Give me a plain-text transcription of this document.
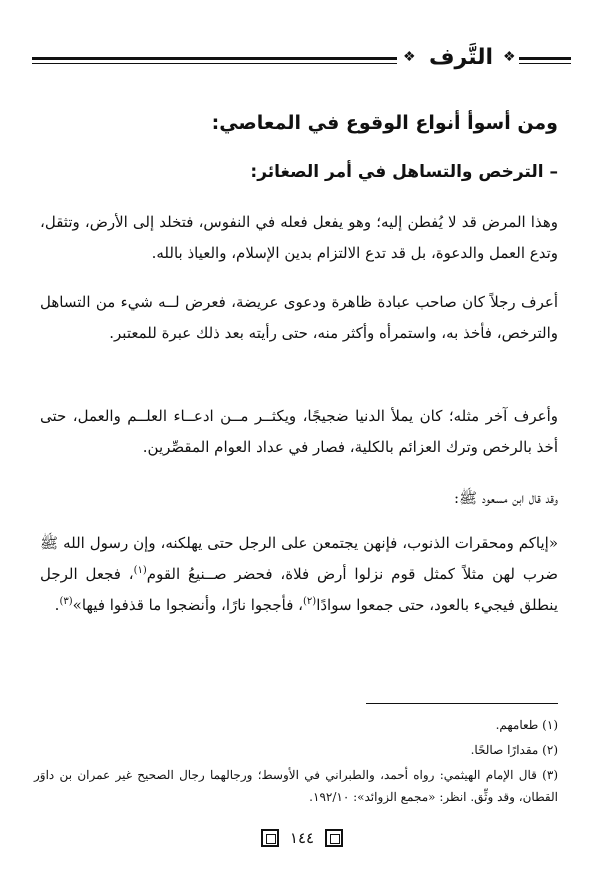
❖
التَّرف
❖
ومن أسوأ أنواع الوقوع في المعاصي:
– الترخص والتساهل في أمر الصغائر:
وهذا المرض قد لا يُفطن إليه؛ وهو يفعل فعله في النفوس، فتخلد إلى الأرض، وتثقل، وتدع العمل والدعوة، بل قد تدع الالتزام بدين الإسلام، والعياذ بالله.
أعرف رجلاً كان صاحب عبادة ظاهرة ودعوى عريضة، فعرض لــه شيء من التساهل والترخص، فأخذ به، واستمرأه وأكثر منه، حتى رأيته بعد ذلك عبرة للمعتبر.
وأعرف آخر مثله؛ كان يملأ الدنيا ضجيجًا، ويكثــر مــن ادعــاء العلــم والعمل، حتى أخذ بالرخص وترك العزائم بالكلية، فصار في عداد العوام المقصِّرين.
وقد قال ابن مسعود ﷺ:
«إياكم ومحقرات الذنوب، فإنهن يجتمعن على الرجل حتى يهلكنه، وإن رسول الله ﷺ ضرب لهن مثلاً كمثل قوم نزلوا أرض فلاة، فحضر صــنيعُ القوم$^{(١)}$، فجعل الرجل ينطلق فيجيء بالعود، حتى جمعوا سوادًا$^{(٢)}$، فأججوا نارًا، وأنضجوا ما قذفوا فيها»$^{(٣)}$.

(١) طعامهم.

(٢) مقدارًا صالحًا.

(٣) قال الإمام الهيثمي: رواه أحمد، والطبراني في الأوسط؛ ورجالهما رجال الصحيح غير عمران بن داوَر القطان، وقد وثِّق. انظر: «مجمع الزوائد»: ١٩٢/١٠.

١٤٤
